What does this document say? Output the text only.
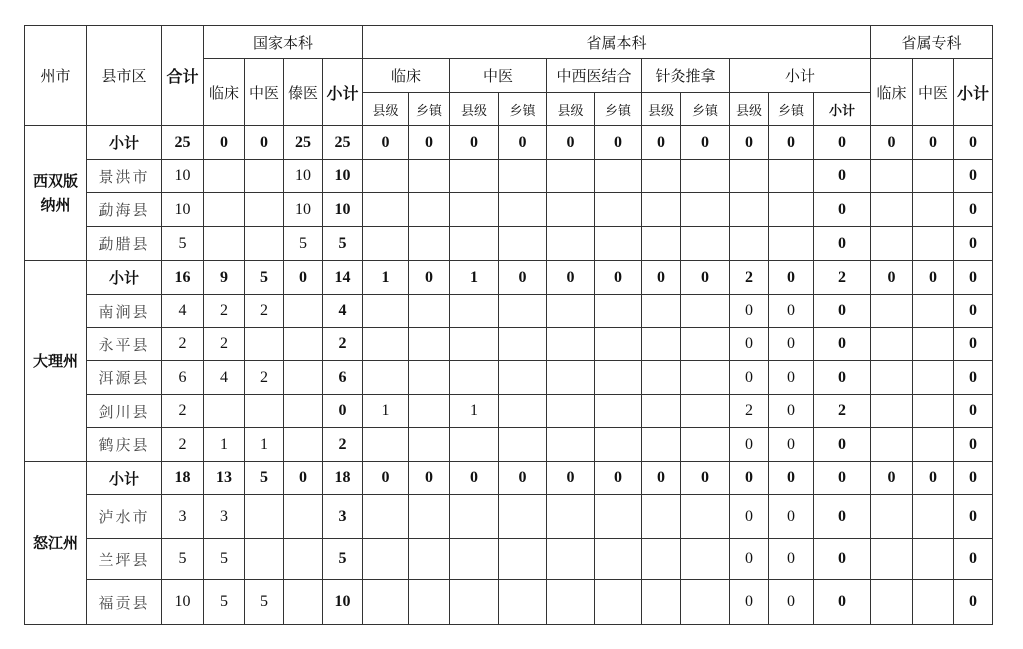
州市	县市区	合计	国家本科				省属本科											省属专科		
			临床	中医	傣医	小计	临床		中医		中西医结合		针灸推拿		小计			临床	中医	小计
							县级	乡镇	县级	乡镇	县级	乡镇	县级	乡镇	县级	乡镇	小计			

西双版
纳州	小计	25	0	0	25	25	0	0	0	0	0	0	0	0	0	0	0	0	0	0
	景洪市	10			10	10											0			0
	勐海县	10			10	10											0			0
	勐腊县	5			5	5											0			0

大理州	小计	16	9	5	0	14	1	0	1	0	0	0	0	0	2	0	2	0	0	0
	南涧县	4	2	2		4									0	0	0			0
	永平县	2	2			2									0	0	0			0
	洱源县	6	4	2		6									0	0	0			0
	剑川县	2				0	1		1						2	0	2			0
	鹤庆县	2	1	1		2									0	0	0			0

怒江州	小计	18	13	5	0	18	0	0	0	0	0	0	0	0	0	0	0	0	0	0
	泸水市	3	3			3									0	0	0			0
	兰坪县	5	5			5									0	0	0			0
	福贡县	10	5	5		10									0	0	0			0
